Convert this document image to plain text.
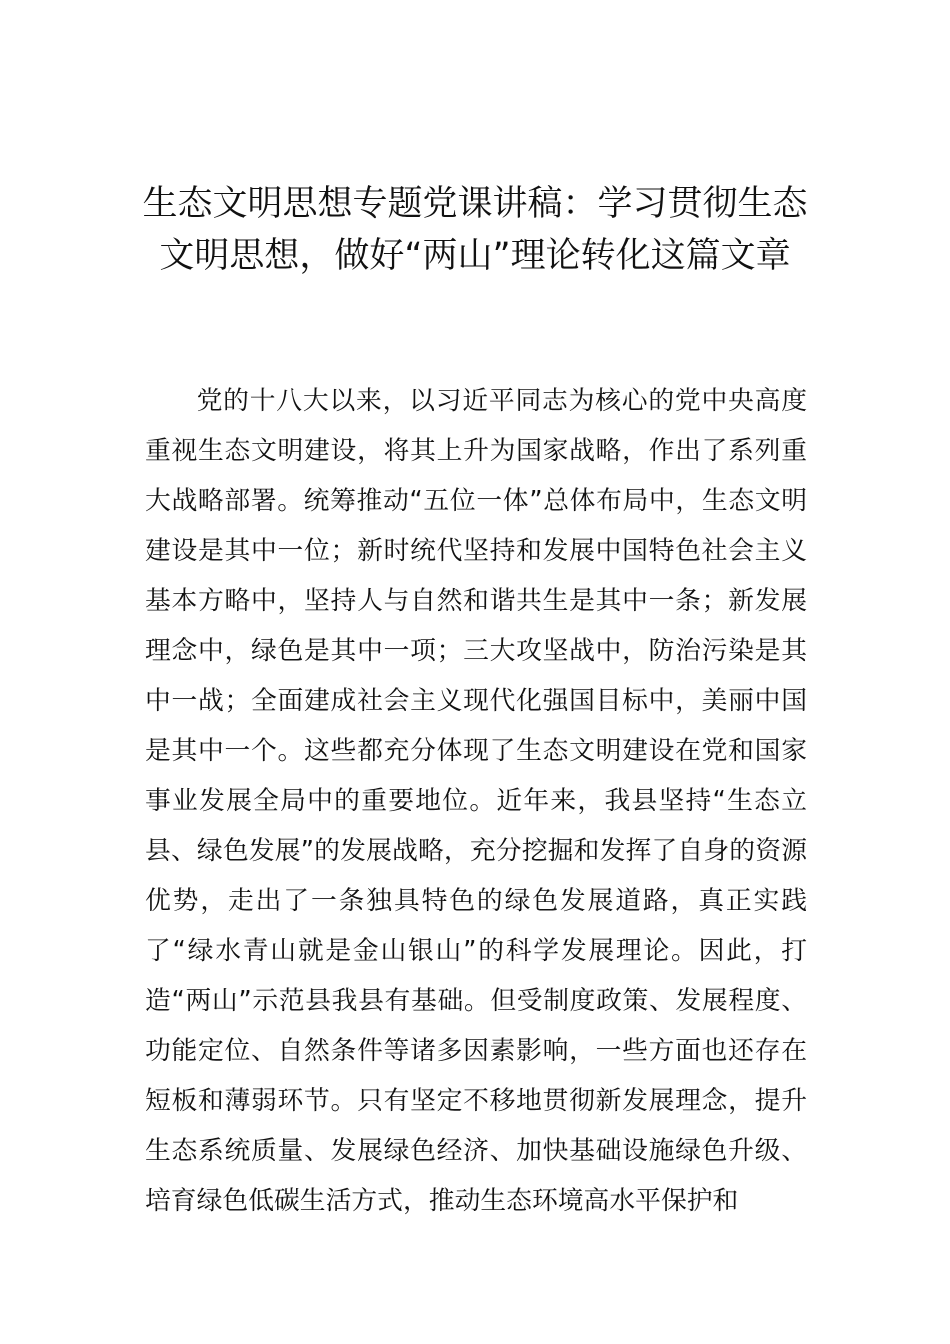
生态文明思想专题党课讲稿：学习贯彻生态文明思想，做好“两山”理论转化这篇文章

党的十八大以来，以习近平同志为核心的党中央高度重视生态文明建设，将其上升为国家战略，作出了系列重大战略部署。统筹推动“五位一体”总体布局中，生态文明建设是其中一位；新时统代坚持和发展中国特色社会主义基本方略中，坚持人与自然和谐共生是其中一条；新发展理念中，绿色是其中一项；三大攻坚战中，防治污染是其中一战；全面建成社会主义现代化强国目标中，美丽中国是其中一个。这些都充分体现了生态文明建设在党和国家事业发展全局中的重要地位。近年来，我县坚持“生态立县、绿色发展”的发展战略，充分挖掘和发挥了自身的资源优势，走出了一条独具特色的绿色发展道路，真正实践了“绿水青山就是金山银山”的科学发展理论。因此，打造“两山”示范县我县有基础。但受制度政策、发展程度、功能定位、自然条件等诸多因素影响，一些方面也还存在短板和薄弱环节。只有坚定不移地贯彻新发展理念，提升生态系统质量、发展绿色经济、加快基础设施绿色升级、培育绿色低碳生活方式，推动生态环境高水平保护和
